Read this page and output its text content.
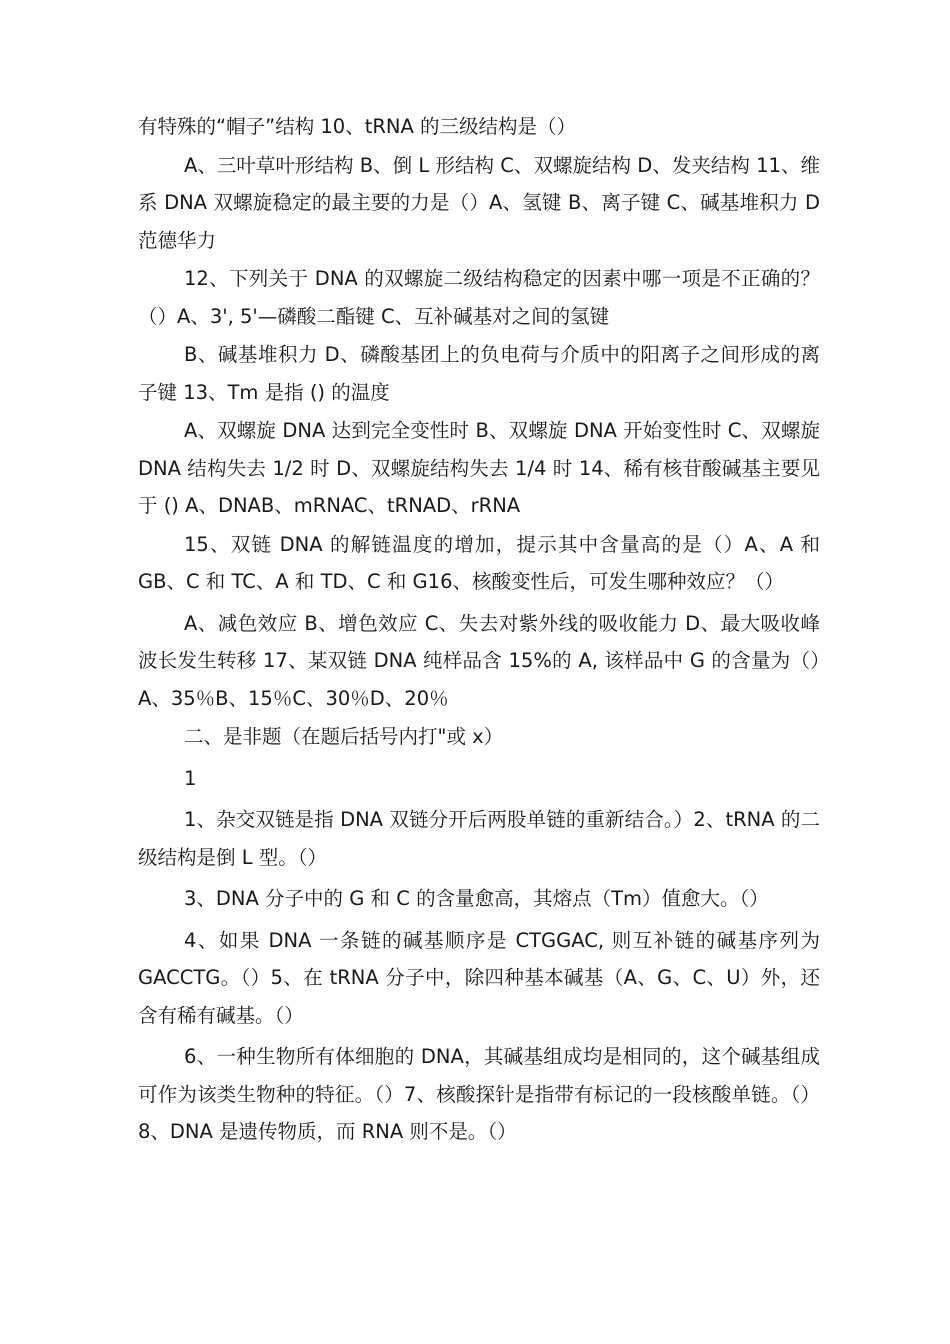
有特殊的“帽子”结构 10、tRNA 的三级结构是（）

A、三叶草叶形结构 B、倒 L 形结构 C、双螺旋结构 D、发夹结构 11、维系 DNA 双螺旋稳定的最主要的力是（）A、氢键 B、离子键 C、碱基堆积力 D 范德华力

12、下列关于 DNA 的双螺旋二级结构稳定的因素中哪一项是不正确的？（）A、3', 5'—磷酸二酯键 C、互补碱基对之间的氢键

B、碱基堆积力 D、磷酸基团上的负电荷与介质中的阳离子之间形成的离子键 13、Tm 是指 () 的温度

A、双螺旋 DNA 达到完全变性时 B、双螺旋 DNA 开始变性时 C、双螺旋 DNA 结构失去 1/2 时 D、双螺旋结构失去 1/4 时 14、稀有核苷酸碱基主要见于 () A、DNAB、mRNAC、tRNAD、rRNA

15、双链 DNA 的解链温度的增加，提示其中含量高的是（）A、A 和 GB、C 和 TC、A 和 TD、C 和 G16、核酸变性后，可发生哪种效应？（）

A、减色效应 B、增色效应 C、失去对紫外线的吸收能力 D、最大吸收峰波长发生转移 17、某双链 DNA 纯样品含 15%的 A, 该样品中 G 的含量为（）A、35％B、15％C、30％D、20％

二、是非题（在题后括号内打"或 x）

1

1、杂交双链是指 DNA 双链分开后两股单链的重新结合。）2、tRNA 的二级结构是倒 L 型。（）

3、DNA 分子中的 G 和 C 的含量愈高，其熔点（Tm）值愈大。（）

4、如果 DNA 一条链的碱基顺序是 CTGGAC, 则互补链的碱基序列为 GACCTG。（）5、在 tRNA 分子中，除四种基本碱基（A、G、C、U）外，还含有稀有碱基。（）

6、一种生物所有体细胞的 DNA，其碱基组成均是相同的，这个碱基组成可作为该类生物种的特征。（）7、核酸探针是指带有标记的一段核酸单链。（）8、DNA 是遗传物质，而 RNA 则不是。（）
